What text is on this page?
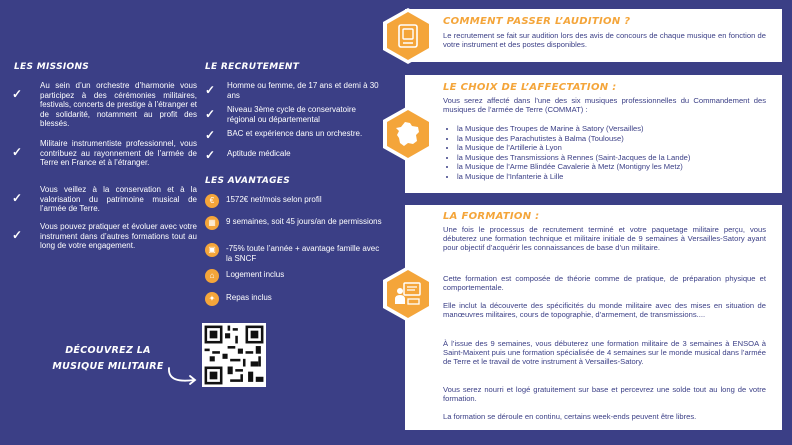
LES MISSIONS
✓
Au sein d’un orchestre d’harmonie vous participez à des cérémonies militaires, festivals, concerts de prestige à l’étranger et de solidarité, notamment au profit des blessés.
✓
Militaire instrumentiste professionnel, vous contribuez au rayonnement de l’armée de Terre en France et à l’étranger.
✓
Vous veillez à la conservation et à la valorisation du patrimoine musical de l’armée de Terre.
✓
Vous pouvez pratiquer et évoluer avec votre instrument dans d’autres formations tout au long de votre engagement.
LE RECRUTEMENT
✓ Homme ou femme, de 17 ans et demi à 30 ans
✓ Niveau 3ème cycle de conservatoire régional ou départemental
✓ BAC et expérience dans un orchestre.
✓ Aptitude médicale
LES AVANTAGES
€	1572€ net/mois selon profil
▦	9 semaines, soit 45 jours/an de permissions
▣	-75% toute l’année + avantage famille avec la SNCF
⌂	Logement inclus
✦	Repas inclus
DÉCOUVREZ LA MUSIQUE MILITAIRE
COMMENT PASSER L’AUDITION ?
Le recrutement se fait sur audition lors des avis de concours de chaque musique en fonction de votre instrument et des postes disponibles.
LE CHOIX DE L’AFFECTATION :
Vous serez affecté dans l’une des six musiques professionnelles du Commandement des musiques de l’armée de Terre (COMMAT) :
• la Musique des Troupes de Marine à Satory (Versailles)
• la Musique des Parachutistes à Balma (Toulouse)
• la Musique de l’Artillerie à Lyon
• la Musique des Transmissions à Rennes (Saint-Jacques de la Lande)
• la Musique de l’Arme Blindée Cavalerie à Metz (Montigny les Metz)
• la Musique de l’Infanterie à Lille
LA FORMATION :
Une fois le processus de recrutement terminé et votre paquetage militaire perçu, vous débuterez une formation technique et militaire initiale de 9 semaines à Versailles-Satory ayant pour objectif d’acquérir les connaissances de base d’un militaire.
Cette formation est composée de théorie comme de pratique, de préparation physique et comportementale.
Elle inclut la découverte des spécificités du monde militaire avec des mises en situation de manœuvres militaires, cours de topographie, d’armement, de transmissions....
À l’issue des 9 semaines, vous débuterez une formation militaire de 3 semaines à ENSOA à Saint-Maixent puis une formation spécialisée de 4 semaines sur le monde musical dans l’armée de Terre et le travail de votre instrument à Versailles-Satory.
Vous serez nourri et logé gratuitement sur base et percevrez une solde tout au long de votre formation.
La formation se déroule en continu, certains week-ends peuvent être libres.
